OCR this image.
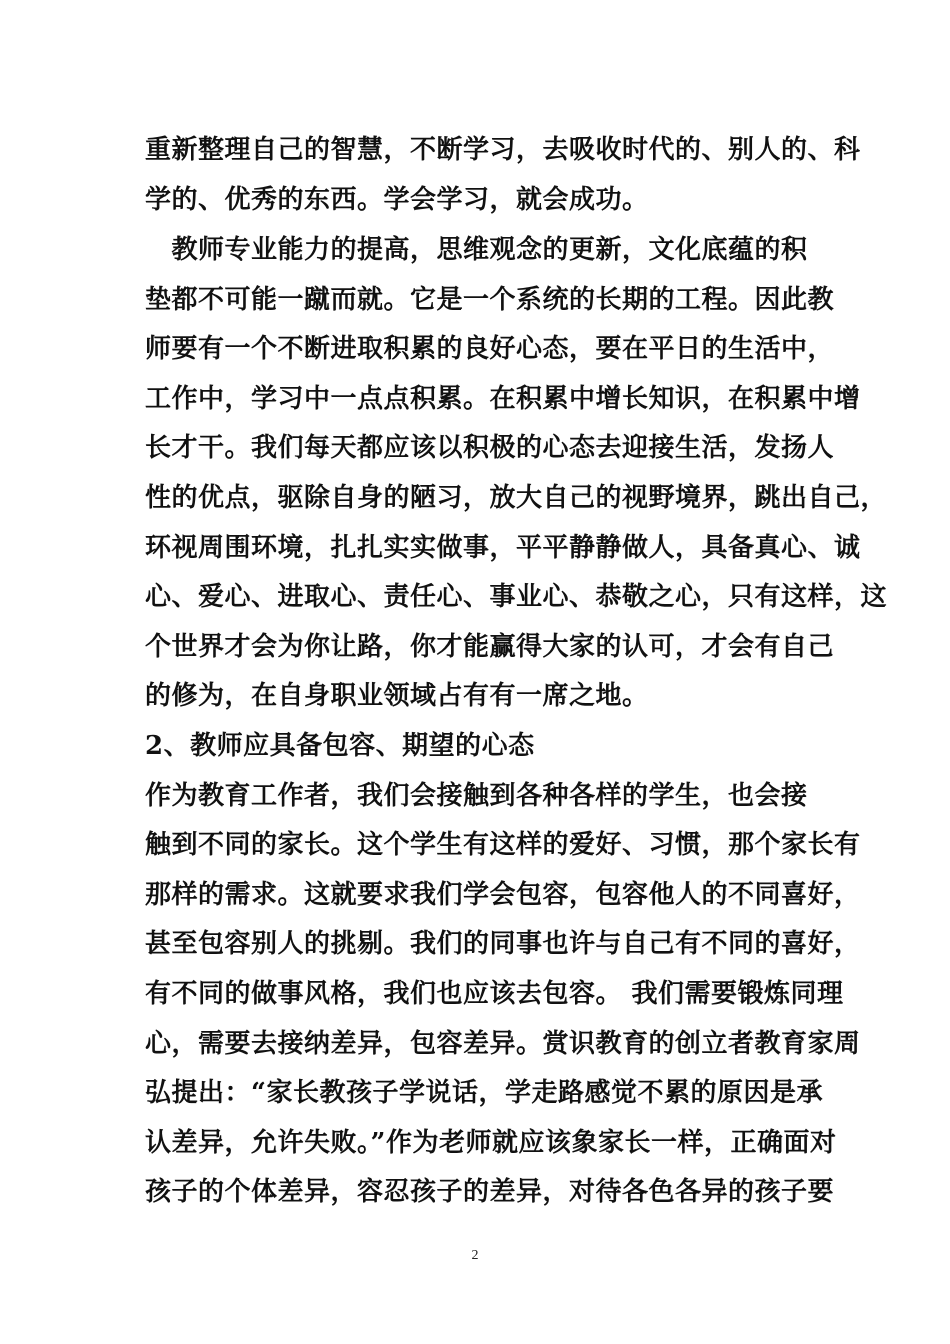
重新整理自己的智慧，不断学习，去吸收时代的、别人的、科
学的、优秀的东西。学会学习，就会成功。
　教师专业能力的提高，思维观念的更新，文化底蕴的积
垫都不可能一蹴而就。它是一个系统的长期的工程。因此教
师要有一个不断进取积累的良好心态，要在平日的生活中，
工作中，学习中一点点积累。在积累中增长知识，在积累中增
长才干。我们每天都应该以积极的心态去迎接生活，发扬人
性的优点，驱除自身的陋习，放大自己的视野境界，跳出自己，
环视周围环境，扎扎实实做事，平平静静做人，具备真心、诚
心、爱心、进取心、责任心、事业心、恭敬之心，只有这样，这
个世界才会为你让路，你才能赢得大家的认可，才会有自己
的修为，在自身职业领域占有有一席之地。
2、教师应具备包容、期望的心态
作为教育工作者，我们会接触到各种各样的学生，也会接
触到不同的家长。这个学生有这样的爱好、习惯，那个家长有
那样的需求。这就要求我们学会包容，包容他人的不同喜好，
甚至包容别人的挑剔。我们的同事也许与自己有不同的喜好，
有不同的做事风格，我们也应该去包容。 我们需要锻炼同理
心，需要去接纳差异，包容差异。赏识教育的创立者教育家周
弘提出：“家长教孩子学说话，学走路感觉不累的原因是承
认差异，允许失败。”作为老师就应该象家长一样，正确面对
孩子的个体差异，容忍孩子的差异，对待各色各异的孩子要
2
